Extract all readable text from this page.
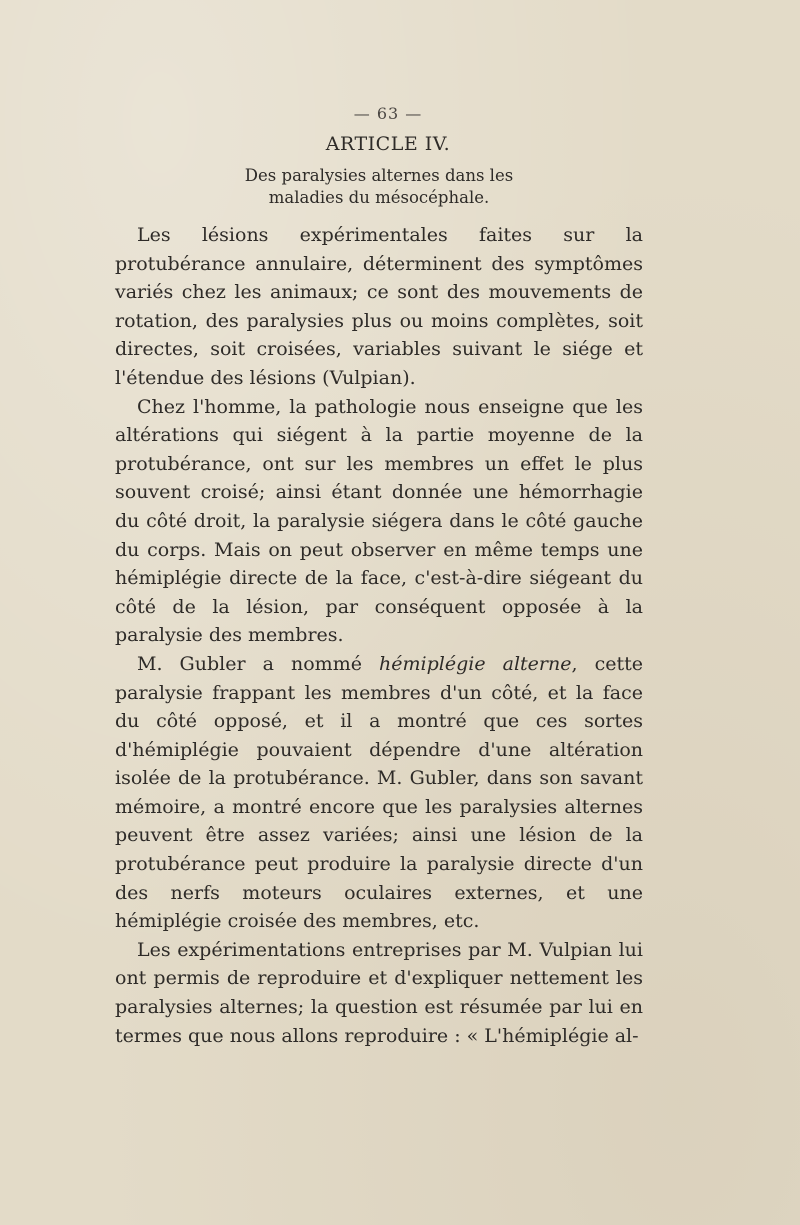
— 63 —
ARTICLE IV.
Des paralysies alternes dans les maladies du mésocéphale.

Les lésions expérimentales faites sur la protubérance annulaire, déterminent des symptômes variés chez les animaux; ce sont des mouvements de rotation, des paralysies plus ou moins complètes, soit directes, soit croisées, variables suivant le siége et l'étendue des lésions (Vulpian).

Chez l'homme, la pathologie nous enseigne que les altérations qui siégent à la partie moyenne de la protubérance, ont sur les membres un effet le plus souvent croisé; ainsi étant donnée une hémorrhagie du côté droit, la paralysie siégera dans le côté gauche du corps. Mais on peut observer en même temps une hémiplégie directe de la face, c'est-à-dire siégeant du côté de la lésion, par conséquent opposée à la paralysie des membres.

M. Gubler a nommé hémiplégie alterne, cette paralysie frappant les membres d'un côté, et la face du côté opposé, et il a montré que ces sortes d'hémiplégie pouvaient dépendre d'une altération isolée de la protubérance. M. Gubler, dans son savant mémoire, a montré encore que les paralysies alternes peuvent être assez variées; ainsi une lésion de la protubérance peut produire la paralysie directe d'un des nerfs moteurs oculaires externes, et une hémiplégie croisée des membres, etc.

Les expérimentations entreprises par M. Vulpian lui ont permis de reproduire et d'expliquer nettement les paralysies alternes; la question est résumée par lui en termes que nous allons reproduire : « L'hémiplégie al-
